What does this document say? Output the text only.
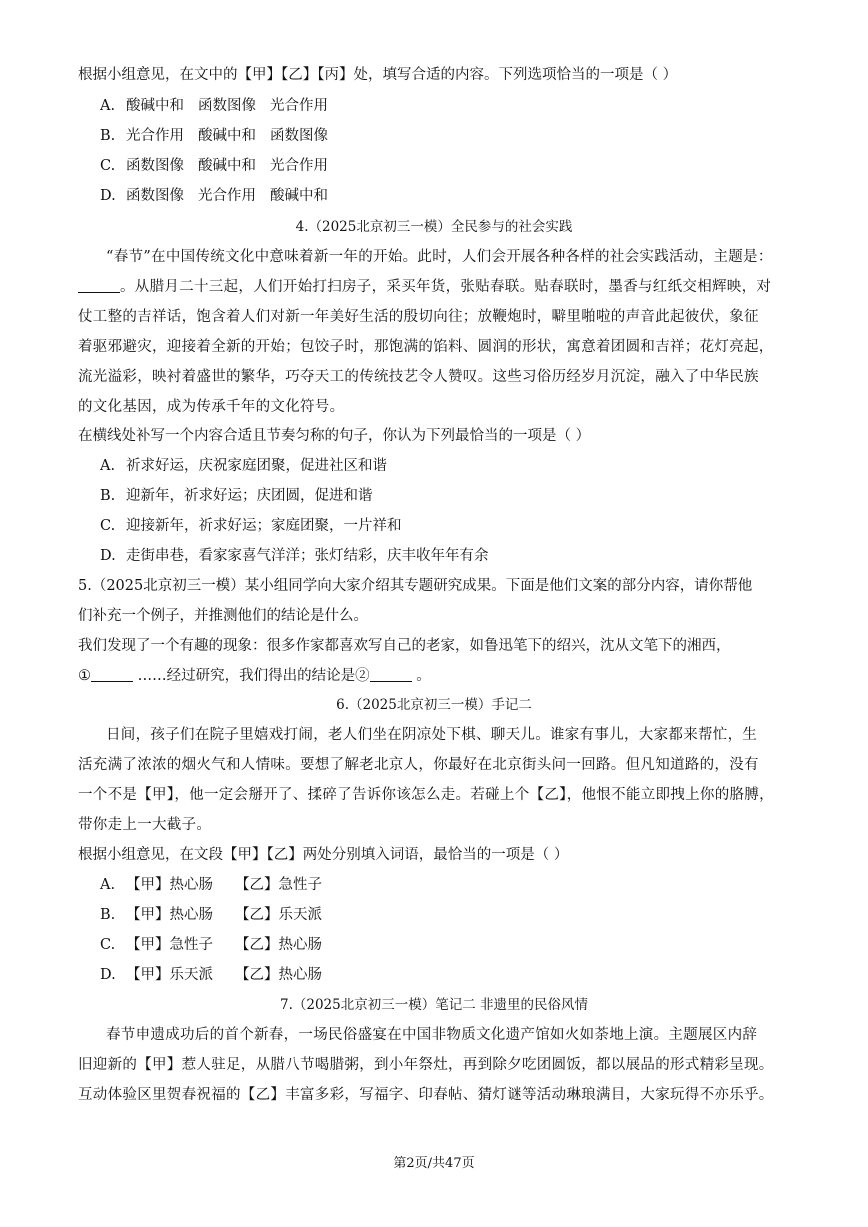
根据小组意见，在文中的【甲】【乙】【丙】处，填写合适的内容。下列选项恰当的一项是（ ）
A. 酸碱中和 函数图像 光合作用
B. 光合作用 酸碱中和 函数图像
C. 函数图像 酸碱中和 光合作用
D. 函数图像 光合作用 酸碱中和
4.（2025北京初三一模）全民参与的社会实践
“春节”在中国传统文化中意味着新一年的开始。此时，人们会开展各种各样的社会实践活动，主题是：
。从腊月二十三起，人们开始打扫房子，采买年货，张贴春联。贴春联时，墨香与红纸交相辉映，对
仗工整的吉祥话，饱含着人们对新一年美好生活的殷切向往；放鞭炮时，噼里啪啦的声音此起彼伏，象征
着驱邪避灾，迎接着全新的开始；包饺子时，那饱满的馅料、圆润的形状，寓意着团圆和吉祥；花灯亮起，
流光溢彩，映衬着盛世的繁华，巧夺天工的传统技艺令人赞叹。这些习俗历经岁月沉淀，融入了中华民族
的文化基因，成为传承千年的文化符号。
在横线处补写一个内容合适且节奏匀称的句子，你认为下列最恰当的一项是（ ）
A. 祈求好运，庆祝家庭团聚，促进社区和谐
B. 迎新年，祈求好运；庆团圆，促进和谐
C. 迎接新年，祈求好运；家庭团聚，一片祥和
D. 走街串巷，看家家喜气洋洋；张灯结彩，庆丰收年年有余
5.（2025北京初三一模）某小组同学向大家介绍其专题研究成果。下面是他们文案的部分内容，请你帮他
们补充一个例子，并推测他们的结论是什么。
我们发现了一个有趣的现象：很多作家都喜欢写自己的老家，如鲁迅笔下的绍兴，沈从文笔下的湘西，
①	……经过研究，我们得出的结论是②	。
6.（2025北京初三一模）手记二
日间，孩子们在院子里嬉戏打闹，老人们坐在阴凉处下棋、聊天儿。谁家有事儿，大家都来帮忙，生
活充满了浓浓的烟火气和人情味。要想了解老北京人，你最好在北京街头问一回路。但凡知道路的，没有
一个不是【甲】，他一定会掰开了、揉碎了告诉你该怎么走。若碰上个【乙】，他恨不能立即拽上你的胳膊，
带你走上一大截子。
根据小组意见，在文段【甲】【乙】两处分别填入词语，最恰当的一项是（ ）
A. 【甲】热心肠 【乙】急性子
B. 【甲】热心肠 【乙】乐天派
C. 【甲】急性子 【乙】热心肠
D. 【甲】乐天派 【乙】热心肠
7.（2025北京初三一模）笔记二 非遗里的民俗风情
春节申遗成功后的首个新春，一场民俗盛宴在中国非物质文化遗产馆如火如荼地上演。主题展区内辞
旧迎新的【甲】惹人驻足，从腊八节喝腊粥，到小年祭灶，再到除夕吃团圆饭，都以展品的形式精彩呈现。
互动体验区里贺春祝福的【乙】丰富多彩，写福字、印春帖、猜灯谜等活动琳琅满目，大家玩得不亦乐乎。
第2页/共47页
